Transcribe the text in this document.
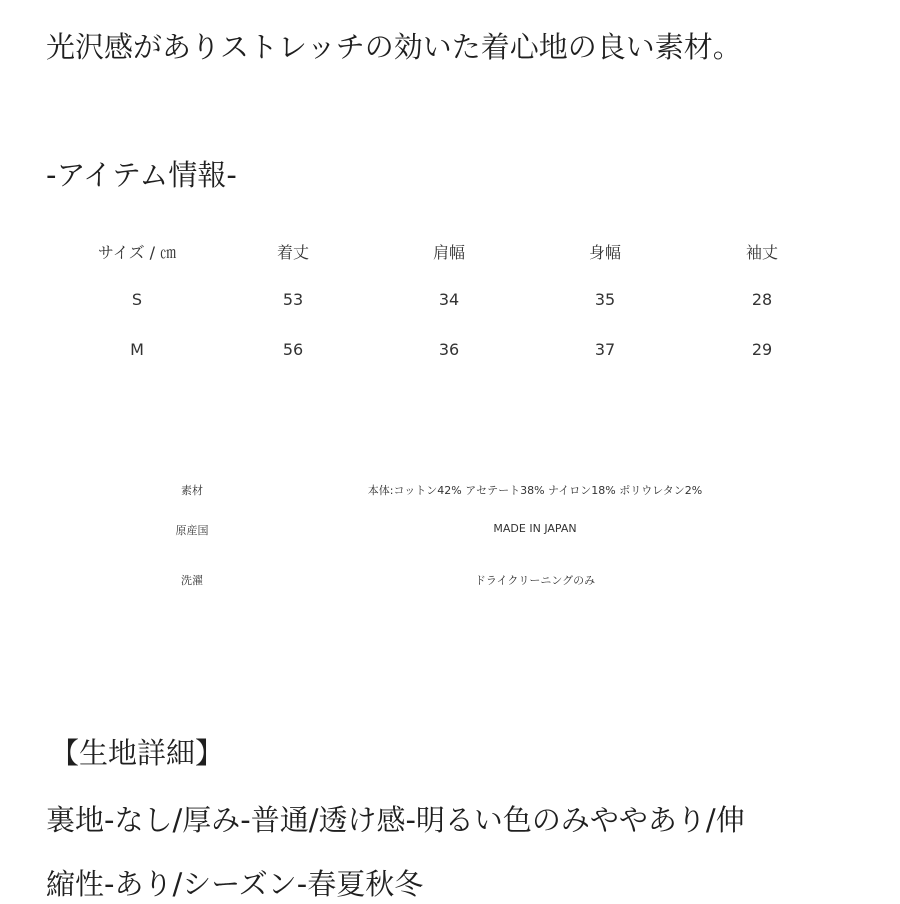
光沢感がありストレッチの効いた着心地の良い素材。
-アイテム情報-
サイズ / ㎝	着丈	肩幅	身幅	袖丈
S	53	34	35	28
M	56	36	37	29
素材	本体:コットン42% アセテート38% ナイロン18% ポリウレタン2%
原産国	MADE IN JAPAN
洗濯	ドライクリーニングのみ
【生地詳細】
裏地-なし/厚み-普通/透け感-明るい色のみややあり/伸
縮性-あり/シーズン-春夏秋冬
